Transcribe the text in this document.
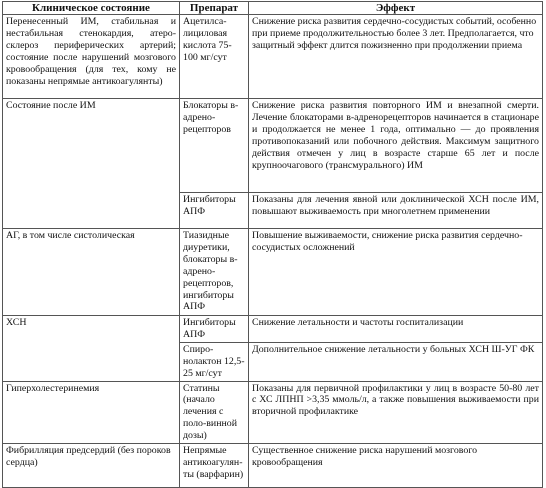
Клиническое состояние	Препарат	Эффект
Перенесенный ИМ, стабильная и нестабильная стенокардия, атеро-склероз периферических артерий; состояние после нарушений мозгового кровообращения (для тех, кому не показаны непрямые антикоагулянты)	Ацетилса-лициловая кислота 75-100 мг/сут	Снижение риска развития сердечно-сосудистых событий, особенно при приеме продолжительностью более 3 лет. Предполагается, что защитный эффект длится пожизненно при продолжении приема
Состояние после ИМ	Блокаторы в-адрено-рецепторов	Снижение риска развития повторного ИМ и внезапной смерти. Лечение блокаторами в-адренорецепторов начинается в стационаре и продолжается не менее 1 года, оптимально — до проявления противопоказаний или побочного действия. Максимум защитного действия отмечен у лиц в возрасте старше 65 лет и после крупноочагового (трансмурального) ИМ
	Ингибиторы АПФ	Показаны для лечения явной или доклинической ХСН после ИМ, повышают выживаемость при многолетнем применении
АГ, в том числе систолическая	Тиазидные диуретики, блокаторы в-адрено-рецепторов, ингибиторы АПФ	Повышение выживаемости, снижение риска развития сердечно-сосудистых осложнений
ХСН	Ингибиторы АПФ	Снижение летальности и частоты госпитализации
	Спиро-нолактон 12,5-25 мг/сут	Дополнительное снижение летальности у больных ХСН Ш-УГ ФК
Гиперхолестеринемия	Статины (начало лечения с поло-винной дозы)	Показаны для первичной профилактики у лиц в возрасте 50-80 лет с ХС ЛПНП >3,35 ммоль/л, а также повышения выживаемости при вторичной профилактике
Фибрилляция предсердий (без пороков сердца)	Непрямые антикоагулян-ты (варфарин)	Существенное снижение риска нарушений мозгового кровообращения
